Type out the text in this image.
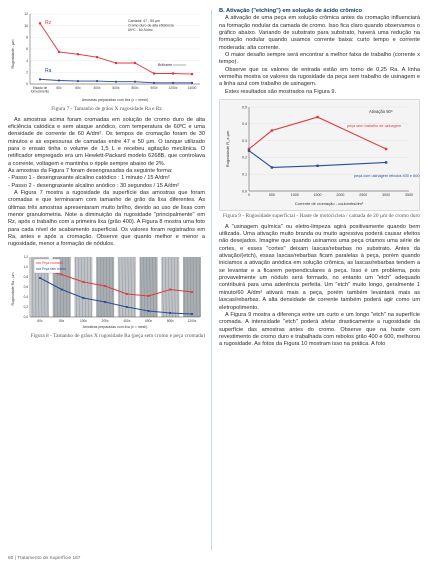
0
2
4
6
8
10
12
Estado de
fornecimento
60x	80x	400x	600x	800x	900x	1200x	14000
Rugosidade - µm
Amostras preparadas com lixa (x = mesh)
Camada: 47 - 50 µm
Cromo duro de alta eficiência
60ºC - 60 A/dm²
Rz
Ra
Brilhante
Figura 7 - Tamanho de grãos X rugosidade Ra e Rz

As amostras acima foram cromadas em solução de cromo duro de alta eficiência catódica e sem ataque anódico, com temperatura de 60ºC e uma densidade de corrente de 60 A/dm². Os tempos de cromação foram de 30 minutos e as espessuras de camadas entre 47 e 50 µm. O tanque utilizado para o ensaio tinha o volume de 1,5 L e recebeu agitação mecânica. O retificador empregado era um Hewlett-Packard modelo 6268B, que controlava a corrente, voltagem e mantinha o ripple sempre abaixo de 2%.

As amostras da Figura 7 foram desengraxadas da seguinte forma:

- Passo 1 - desengraxante alcalino catódico : 1 minuto / 15 A/dm²
- Passo 2 - desengraxante alcalino anódico : 30 segundos / 15 A/dm²

A Figura 7 mostra a rugosidade da superfície das amostras que foram cromadas e que terminaram com tamanho de grão da lixa diferentes. As últimas três amostras apresentaram muito brilho, devido ao uso de lixas com menor granulometria. Note a diminuição da rugosidade "principalmente" em Rz, após o trabalho com a primeira lixa (grão 400). A Figura 8 mostra uma foto para cada nível de acabamento superficial. Os valores foram registrados em Ra, antes e após a cromação. Observe que quanto melhor e menor a rugosidade, menor a formação de nódulos.

0,0
0,2
0,4
0,6
0,8
1,0
1,2
60x	80x	100x	200x	400x	600x	800x	1200x
Rugosidade Ra - µm
Amostras preparadas com lixa (x = mesh)
Peça cromada
Peça sem cromo
Figura 8 - Tamanho de grãos X rugosidade Ra (peça sem cromo e peça cromada)
B. Ativação ("etching") em solução de ácido crômico

A ativação de uma peça em solução crômica antes da cromação influenciará na formação nodular da camada de cromo. Isso fica claro quando observamos o gráfico abaixo. Variando de substrato para substrato, haverá uma redução na formação nodular quando usamos corrente baixa: curto tempo e corrente moderada: alta corrente.

O maior desafio sempre será encontrar a melhor faixa de trabalho (corrente x tempo).

Observe que os valores de entrada estão em torno de 0,25 Ra. A linha vermelha mostra os valores da rugosidade da peça sem trabalho de usinagem e a linha azul com trabalho de usinagem.

Estes resultados são mostrados na Figura 9.

0.0
0.1
0.2
0.3
0.4
0.5
0	500	1000	1500	2000	2500	3000	3500
Rugosidade R_a µm
Corrente de cromação - coulombs/dm²
Ativação 50º
peça sem trabalho de usinagem
peça com usinagem rebolos 400 e 600
Figura 9 - Rugosidade superficial - Haste de motocicleta / camada de 20 µm de cromo duro

A "usinagem química" ou eletro-limpeza agirá positivamente quando bem utilizada. Uma ativação muito branda ou muito agressiva poderá causar efeitos não desejados. Imagine que quando usinamos uma peça criamos uma série de cortes, e esses "cortes" deixam lascas/rebarbas no substrato. Antes da ativação/(etch), essas lascas/rebarbas ficam paralelas à peça, porém quando iniciamos a ativação anódica em solução crômica, as lascas/rebarbas tendem a se levantar e a ficarem perpendiculares à peça. Isso é um problema, pois provavelmente um nódulo será formado, no entanto um "etch" adequado contribuirá para uma aderência perfeita. Um "etch" muito longo, geralmente 1 minuto/60 A/dm² ativará mais a peça, porém também levantará mais as lascas/rebarbas. A alta densidade de corrente também poderá agir como um eletropolimento.

A Figura 9 mostra a diferença entre um curto e um longo "etch" na superfície cromada. A intensidade "etch" poderá afetar drasticamente a rugosidade da superfície das amostras antes do cromo. Observe que na haste com revestimento de cromo duro e trabalhada com rebolos grão 400 e 600, melhorou a rugosidade. As fotos da Figura 10 mostram isso na prática. A foto

60 | Tratamento de Superfície 167
